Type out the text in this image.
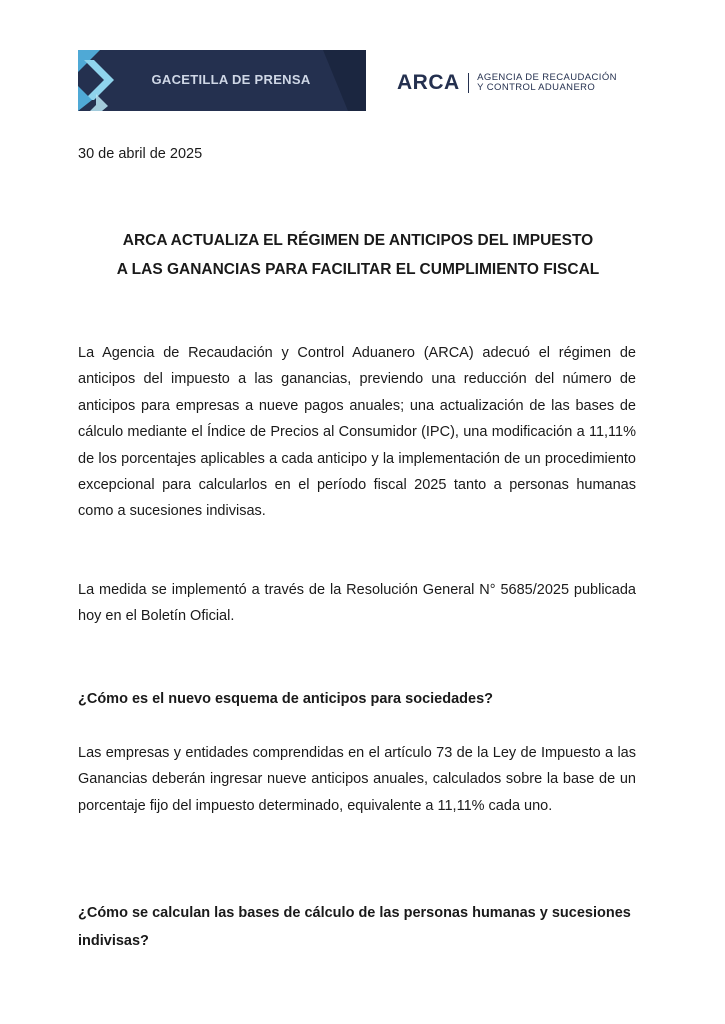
GACETILLA DE PRENSA	ARCA AGENCIA DE RECAUDACIÓN
Y CONTROL ADUANERO
30 de abril de 2025
ARCA ACTUALIZA EL RÉGIMEN DE ANTICIPOS DEL IMPUESTO
A LAS GANANCIAS PARA FACILITAR EL CUMPLIMIENTO FISCAL

La Agencia de Recaudación y Control Aduanero (ARCA) adecuó el régimen de anticipos del impuesto a las ganancias, previendo una reducción del número de anticipos para empresas a nueve pagos anuales; una actualización de las bases de cálculo mediante el Índice de Precios al Consumidor (IPC), una modificación a 11,11% de los porcentajes aplicables a cada anticipo y la implementación de un procedimiento excepcional para calcularlos en el período fiscal 2025 tanto a personas humanas como a sucesiones indivisas.

La medida se implementó a través de la Resolución General N° 5685/2025 publicada hoy en el Boletín Oficial.

¿Cómo es el nuevo esquema de anticipos para sociedades?

Las empresas y entidades comprendidas en el artículo 73 de la Ley de Impuesto a las Ganancias deberán ingresar nueve anticipos anuales, calculados sobre la base de un porcentaje fijo del impuesto determinado, equivalente a 11,11% cada uno.

¿Cómo se calculan las bases de cálculo de las personas humanas y sucesiones indivisas?
